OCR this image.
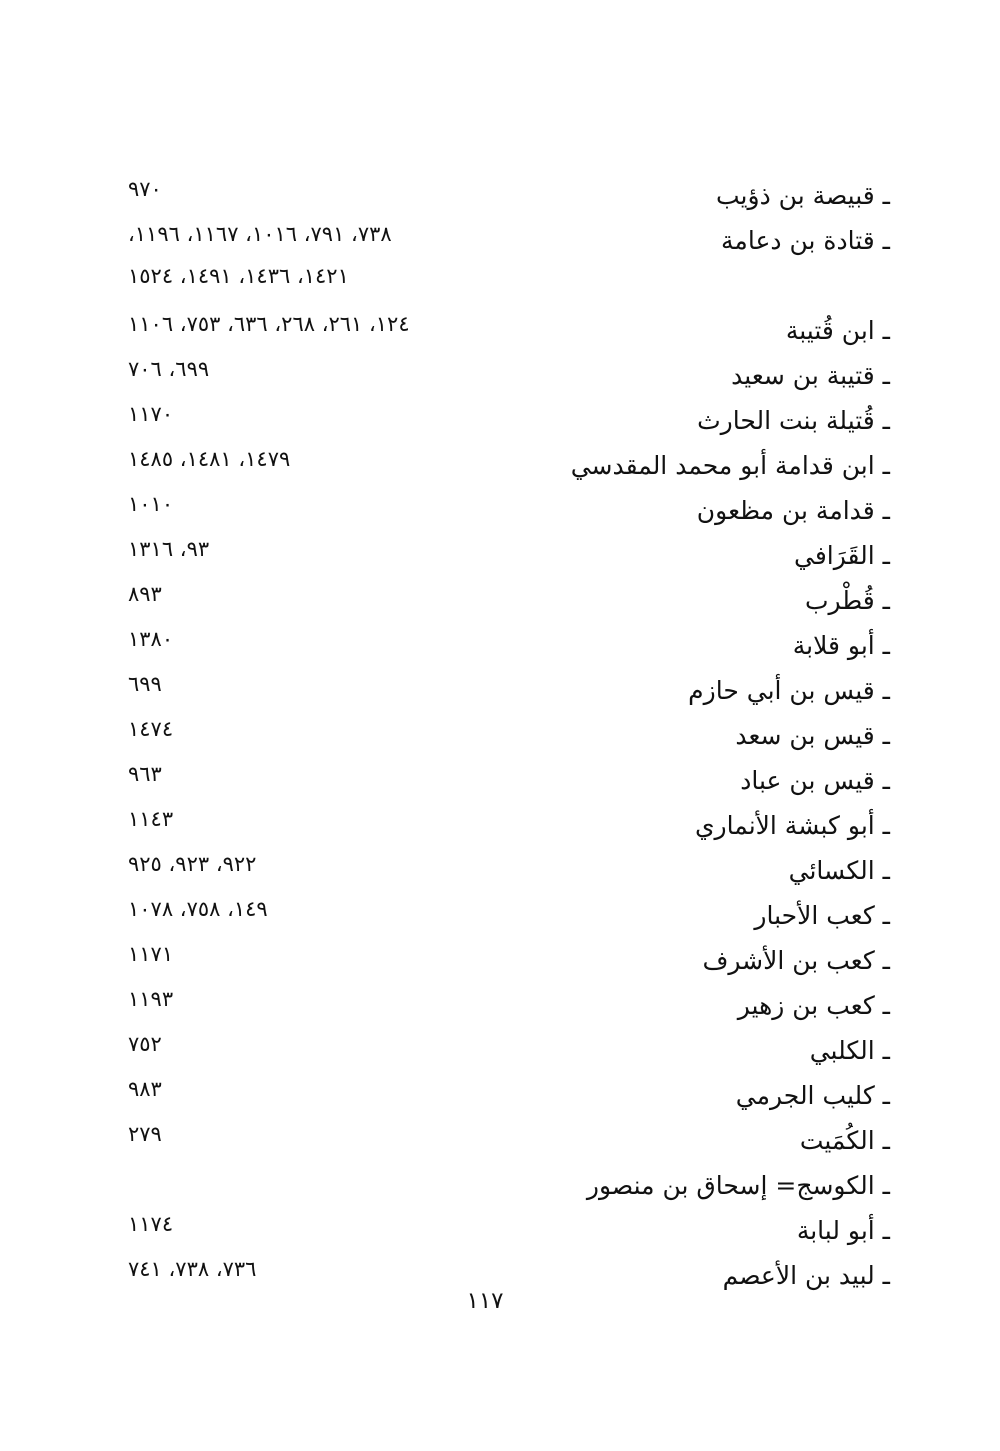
ـ قبيصة بن ذؤيب
٩٧٠
ـ قتادة بن دعامة
٧٣٨، ٧٩١، ١٠١٦، ١١٦٧، ١١٩٦،
١٤٢١، ١٤٣٦، ١٤٩١، ١٥٢٤
ـ ابن قُتيبة
١٢٤، ٢٦١، ٢٦٨، ٦٣٦، ٧٥٣، ١١٠٦
ـ قتيبة بن سعيد
٦٩٩، ٧٠٦
ـ قُتيلة بنت الحارث
١١٧٠
ـ ابن قدامة أبو محمد المقدسي
١٤٧٩، ١٤٨١، ١٤٨٥
ـ قدامة بن مظعون
١٠١٠
ـ القَرَافي
٩٣، ١٣١٦
ـ قُطْرب
٨٩٣
ـ أبو قلابة
١٣٨٠
ـ قيس بن أبي حازم
٦٩٩
ـ قيس بن سعد
١٤٧٤
ـ قيس بن عباد
٩٦٣
ـ أبو كبشة الأنماري
١١٤٣
ـ الكسائي
٩٢٢، ٩٢٣، ٩٢٥
ـ كعب الأحبار
١٤٩، ٧٥٨، ١٠٧٨
ـ كعب بن الأشرف
١١٧١
ـ كعب بن زهير
١١٩٣
ـ الكلبي
٧٥٢
ـ كليب الجرمي
٩٨٣
ـ الكُمَيت
٢٧٩
ـ الكوسج= إسحاق بن منصور
ـ أبو لبابة
١١٧٤
ـ لبيد بن الأعصم
٧٣٦، ٧٣٨، ٧٤١
١١٧
